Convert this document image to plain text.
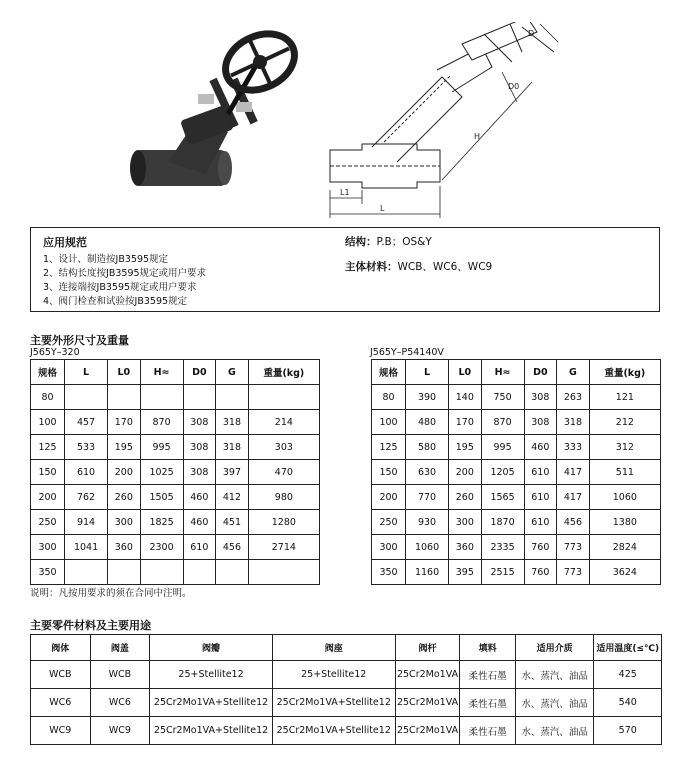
D
D0
H
L1
L
应用规范
1、设计、制造按JB3595规定
2、结构长度按JB3595规定或用户要求
3、连接端按JB3595规定或用户要求
4、阀门检查和试验按JB3595规定
结构：P.B；OS&Y
主体材料：WCB、WC6、WC9
主要外形尺寸及重量
J565Y–320	J565Y–P54140V
规格	L	L0	H≈	D0	G	重量(kg)
80						
100	457	170	870	308	318	214
125	533	195	995	308	318	303
150	610	200	1025	308	397	470
200	762	260	1505	460	412	980
250	914	300	1825	460	451	1280
300	1041	360	2300	610	456	2714
350						
规格	L	L0	H≈	D0	G	重量(kg)
80	390	140	750	308	263	121
100	480	170	870	308	318	212
125	580	195	995	460	333	312
150	630	200	1205	610	417	511
200	770	260	1565	610	417	1060
250	930	300	1870	610	456	1380
300	1060	360	2335	760	773	2824
350	1160	395	2515	760	773	3624
说明：凡按用要求的须在合同中注明。
主要零件材料及主要用途
阀体	阀盖	阀瓣	阀座	阀杆	填料	适用介质	适用温度(≤℃)
WCB	WCB	25+Stellite12	25+Stellite12	25Cr2Mo1VA	柔性石墨	水、蒸汽、油品	425
WC6	WC6	25Cr2Mo1VA+Stellite12	25Cr2Mo1VA+Stellite12	25Cr2Mo1VA	柔性石墨	水、蒸汽、油品	540
WC9	WC9	25Cr2Mo1VA+Stellite12	25Cr2Mo1VA+Stellite12	25Cr2Mo1VA	柔性石墨	水、蒸汽、油品	570
